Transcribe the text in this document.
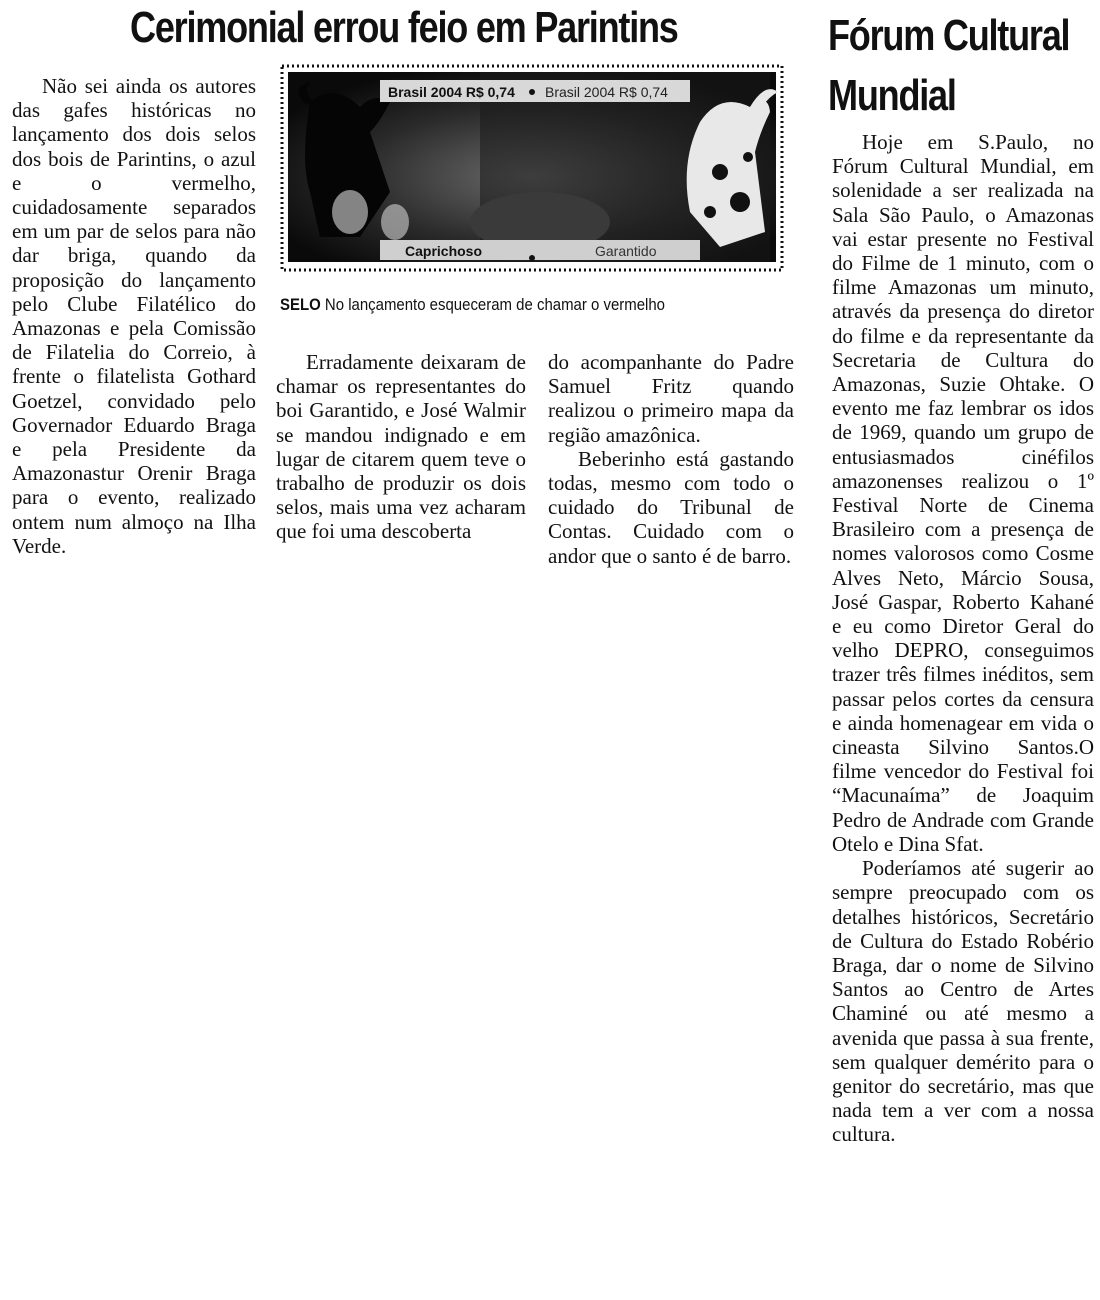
Cerimonial errou feio em Parintins	Fórum Cultural Mundial

Não sei ainda os autores das gafes históricas no lançamento dos dois selos dos bois de Parintins, o azul e o vermelho, cuidadosamente separados em um par de selos para não dar briga, quando da proposição do lançamento pelo Clube Filatélico do Amazonas e pela Comissão de Filatelia do Correio, à frente o filatelista Gothard Goetzel, convidado pelo Governador Eduardo Braga e pela Presidente da Amazonastur Orenir Braga para o evento, realizado ontem num almoço na Ilha Verde.

Brasil 2004 R$ 0,74 Brasil 2004 R$ 0,74
Caprichoso	Garantido
SELO No lançamento esqueceram de chamar o vermelho

Erradamente deixaram de chamar os representantes do boi Garantido, e José Walmir se mandou indignado e em lugar de citarem quem teve o trabalho de produzir os dois selos, mais uma vez acharam que foi uma descoberta

do acompanhante do Padre Samuel Fritz quando realizou o primeiro mapa da região amazônica.

Beberinho está gastando todas, mesmo com todo o cuidado do Tribunal de Contas. Cuidado com o andor que o santo é de barro.

Hoje em S.Paulo, no Fórum Cultural Mundial, em solenidade a ser realizada na Sala São Paulo, o Amazonas vai estar presente no Festival do Filme de 1 minuto, com o filme Amazonas um minuto, através da presença do diretor do filme e da representante da Secretaria de Cultura do Amazonas, Suzie Ohtake. O evento me faz lembrar os idos de 1969, quando um grupo de entusiasmados cinéfilos amazonenses realizou o 1º Festival Norte de Cinema Brasileiro com a presença de nomes valorosos como Cosme Alves Neto, Márcio Sousa, José Gaspar, Roberto Kahané e eu como Diretor Geral do velho DEPRO, conseguimos trazer três filmes inéditos, sem passar pelos cortes da censura e ainda homenagear em vida o cineasta Silvino Santos.O filme vencedor do Festival foi “Macunaíma” de Joaquim Pedro de Andrade com Grande Otelo e Dina Sfat.

Poderíamos até sugerir ao sempre preocupado com os detalhes históricos, Secretário de Cultura do Estado Robério Braga, dar o nome de Silvino Santos ao Centro de Artes Chaminé ou até mesmo a avenida que passa à sua frente, sem qualquer demérito para o genitor do secretário, mas que nada tem a ver com a nossa cultura.
